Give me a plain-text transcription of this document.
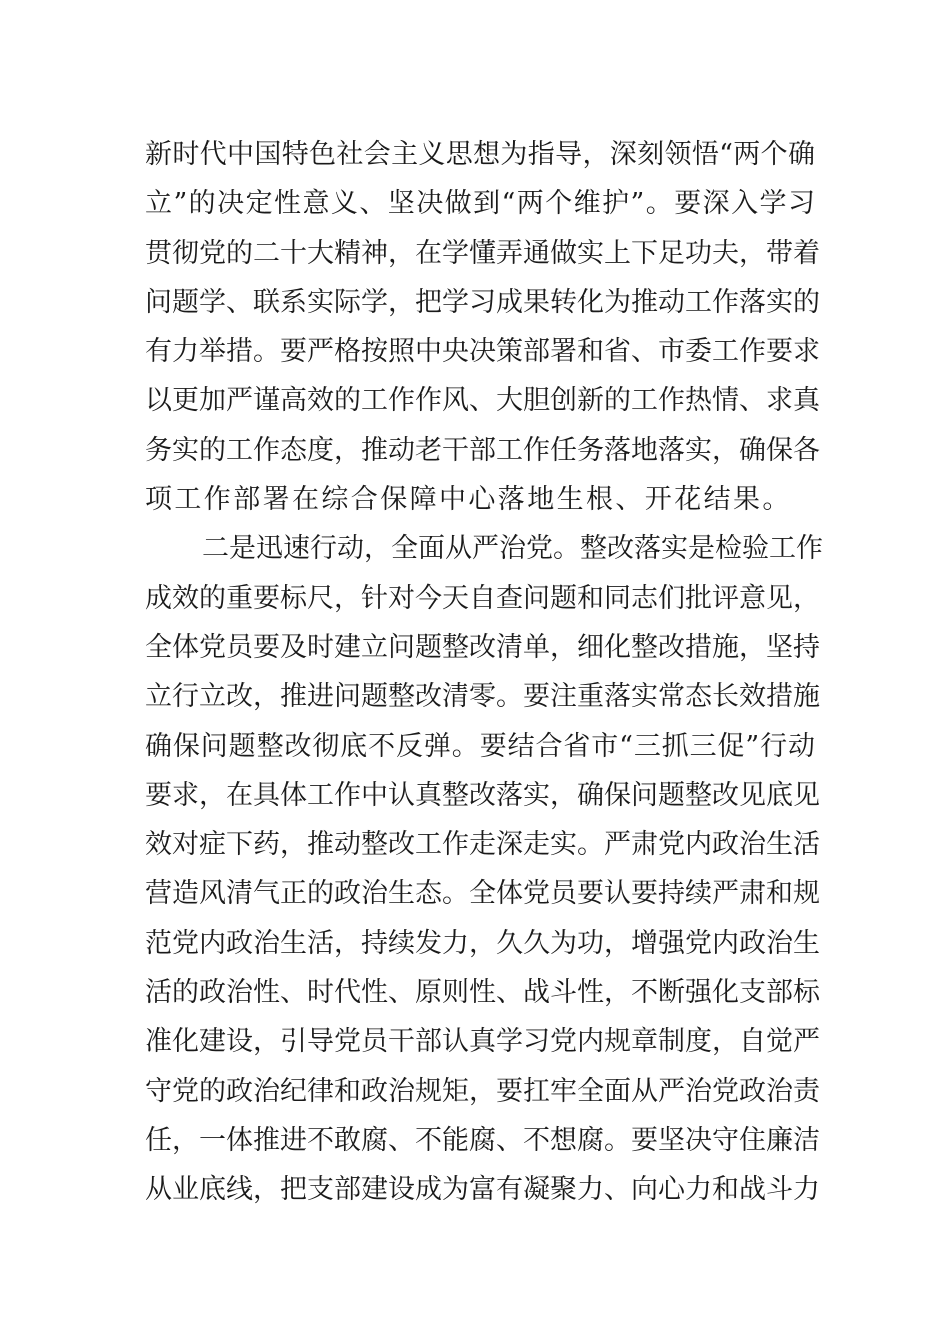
新时代中国特色社会主义思想为指导，深刻领悟“两个确
立”的决定性意义、坚决做到“两个维护”。要深入学习
贯彻党的二十大精神，在学懂弄通做实上下足功夫，带着
问题学、联系实际学，把学习成果转化为推动工作落实的
有力举措。要严格按照中央决策部署和省、市委工作要求
以更加严谨高效的工作作风、大胆创新的工作热情、求真
务实的工作态度，推动老干部工作任务落地落实，确保各
项工作部署在综合保障中心落地生根、开花结果。
二是迅速行动，全面从严治党。整改落实是检验工作
成效的重要标尺，针对今天自查问题和同志们批评意见，
全体党员要及时建立问题整改清单，细化整改措施，坚持
立行立改，推进问题整改清零。要注重落实常态长效措施
确保问题整改彻底不反弹。要结合省市“三抓三促”行动
要求，在具体工作中认真整改落实，确保问题整改见底见
效对症下药，推动整改工作走深走实。严肃党内政治生活
营造风清气正的政治生态。全体党员要认要持续严肃和规
范党内政治生活，持续发力，久久为功，增强党内政治生
活的政治性、时代性、原则性、战斗性，不断强化支部标
准化建设，引导党员干部认真学习党内规章制度，自觉严
守党的政治纪律和政治规矩，要扛牢全面从严治党政治责
任，一体推进不敢腐、不能腐、不想腐。要坚决守住廉洁
从业底线，把支部建设成为富有凝聚力、向心力和战斗力
